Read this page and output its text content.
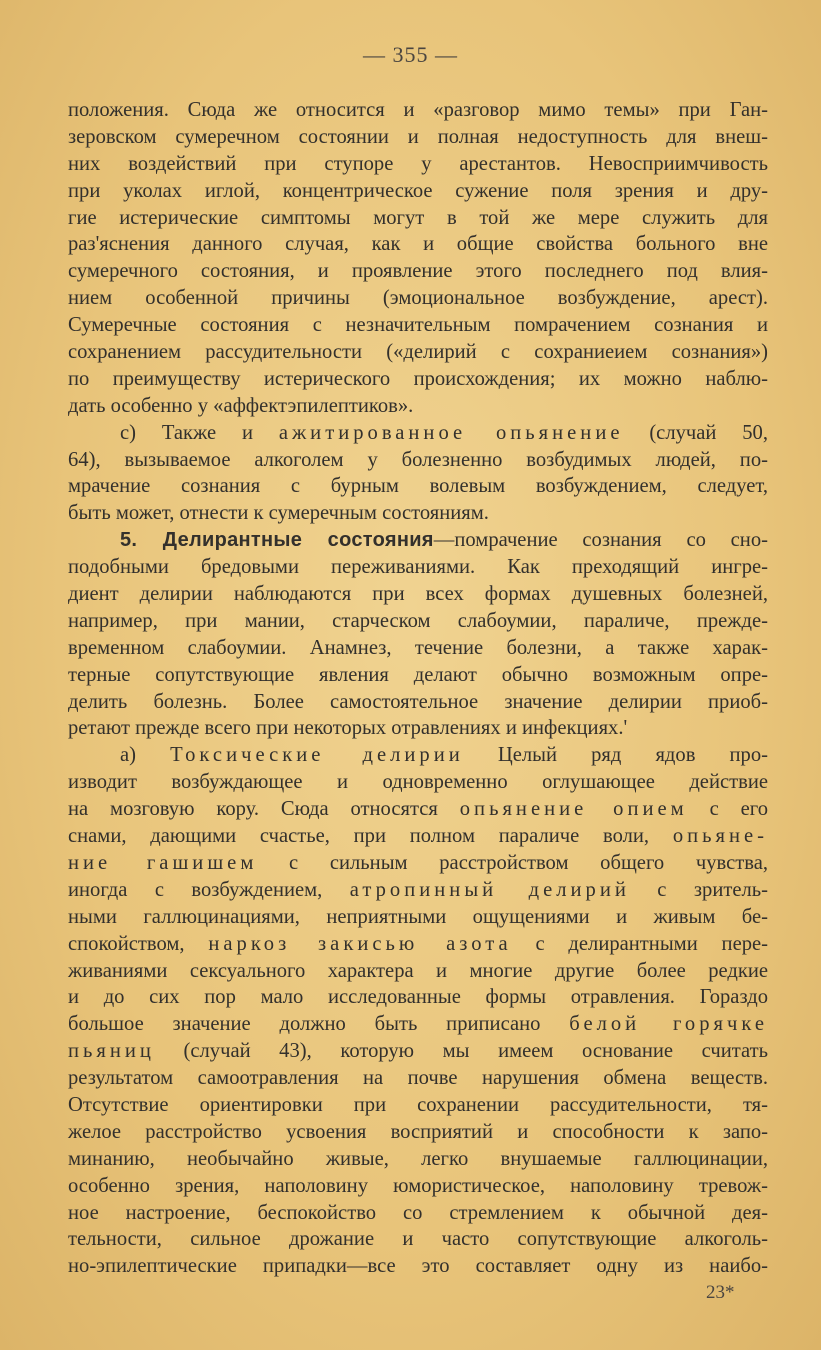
— 355 —
положения. Сюда же относится и «разговор мимо темы» при Ган-
зеровском сумеречном состоянии и полная недоступность для внеш-
них воздействий при ступоре у арестантов. Невосприимчивость
при уколах иглой, концентрическое сужение поля зрения и дру-
гие истерические симптомы могут в той же мере служить для
раз'яснения данного случая, как и общие свойства больного вне
сумеречного состояния, и проявление этого последнего под влия-
нием особенной причины (эмоциональное возбуждение, арест).
Сумеречные состояния с незначительным помрачением сознания и
сохранением рассудительности («делирий с сохраниеием сознания»)
по преимуществу истерического происхождения; их можно наблю-
дать особенно у «аффектэпилептиков».
c) Также и ажитированное опьянение (случай 50,
64), вызываемое алкоголем у болезненно возбудимых людей, по-
мрачение сознания с бурным волевым возбуждением, следует,
быть может, отнести к сумеречным состояниям.
5. Делирантные состояния—помрачение сознания со сно-
подобными бредовыми переживаниями. Как преходящий ингре-
диент делирии наблюдаются при всех формах душевных болезней,
например, при мании, старческом слабоумии, параличе, прежде-
временном слабоумии. Анамнез, течение болезни, а также харак-
терные сопутствующие явления делают обычно возможным опре-
делить болезнь. Более самостоятельное значение делирии приоб-
ретают прежде всего при некоторых отравлениях и инфекциях.'
а) Токсические делирии Целый ряд ядов про-
изводит возбуждающее и одновременно оглушающее действие
на мозговую кору. Сюда относятся опьянение опием с его
снами, дающими счастье, при полном параличе воли, опьяне-
ние гашишем с сильным расстройством общего чувства,
иногда с возбуждением, атропинный делирий с зритель-
ными галлюцинациями, неприятными ощущениями и живым бе-
спокойством, наркоз закисью азота с делирантными пере-
живаниями сексуального характера и многие другие более редкие
и до сих пор мало исследованные формы отравления. Гораздо
большое значение должно быть приписано белой горячке
пьяниц (случай 43), которую мы имеем основание считать
результатом самоотравления на почве нарушения обмена веществ.
Отсутствие ориентировки при сохранении рассудительности, тя-
желое расстройство усвоения восприятий и способности к запо-
минанию, необычайно живые, легко внушаемые галлюцинации,
особенно зрения, наполовину юмористическое, наполовину тревож-
ное настроение, беспокойство со стремлением к обычной дея-
тельности, сильное дрожание и часто сопутствующие алкоголь-
но-эпилептические припадки—все это составляет одну из наибо-
23*
